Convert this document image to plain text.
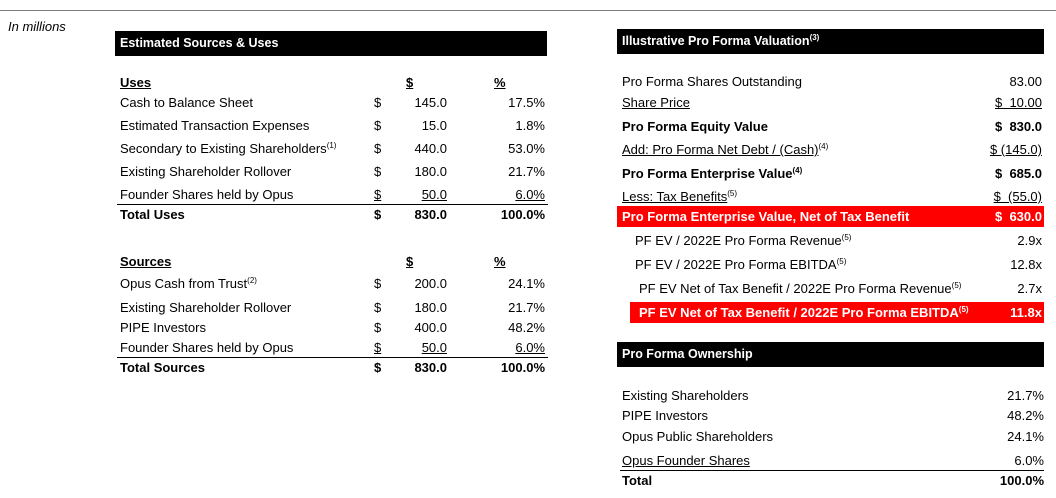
In millions
Estimated Sources & Uses
Uses	$	%
Cash to Balance Sheet	$	145.0	17.5%
Estimated Transaction Expenses	$	15.0	1.8%
Secondary to Existing Shareholders$^{(1)}$	$	440.0	53.0%
Existing Shareholder Rollover	$	180.0	21.7%
Founder Shares held by Opus	$	50.0	6.0%
Total Uses	$	830.0	100.0%
Sources	$	%
Opus Cash from Trust$^{(2)}$	$	200.0	24.1%
Existing Shareholder Rollover	$	180.0	21.7%
PIPE Investors	$	400.0	48.2%
Founder Shares held by Opus	$	50.0	6.0%
Total Sources	$	830.0	100.0%
Illustrative Pro Forma Valuation$^{(3)}$
Pro Forma Shares Outstanding	83.00
Share Price	$  10.00
Pro Forma Equity Value	$  830.0
Add: Pro Forma Net Debt / (Cash)$^{(4)}$	$ (145.0)
Pro Forma Enterprise Value$^{(4)}$	$  685.0
Less: Tax Benefits$^{(5)}$	$  (55.0)
Pro Forma Enterprise Value, Net of Tax Benefit	$  630.0
PF EV / 2022E Pro Forma Revenue$^{(5)}$	2.9x
PF EV / 2022E Pro Forma EBITDA$^{(5)}$	12.8x
PF EV Net of Tax Benefit / 2022E Pro Forma Revenue$^{(5)}$	2.7x
PF EV Net of Tax Benefit / 2022E Pro Forma EBITDA$^{(5)}$	11.8x
Pro Forma Ownership
Existing Shareholders	21.7%
PIPE Investors	48.2%
Opus Public Shareholders	24.1%
Opus Founder Shares	6.0%
Total	100.0%
